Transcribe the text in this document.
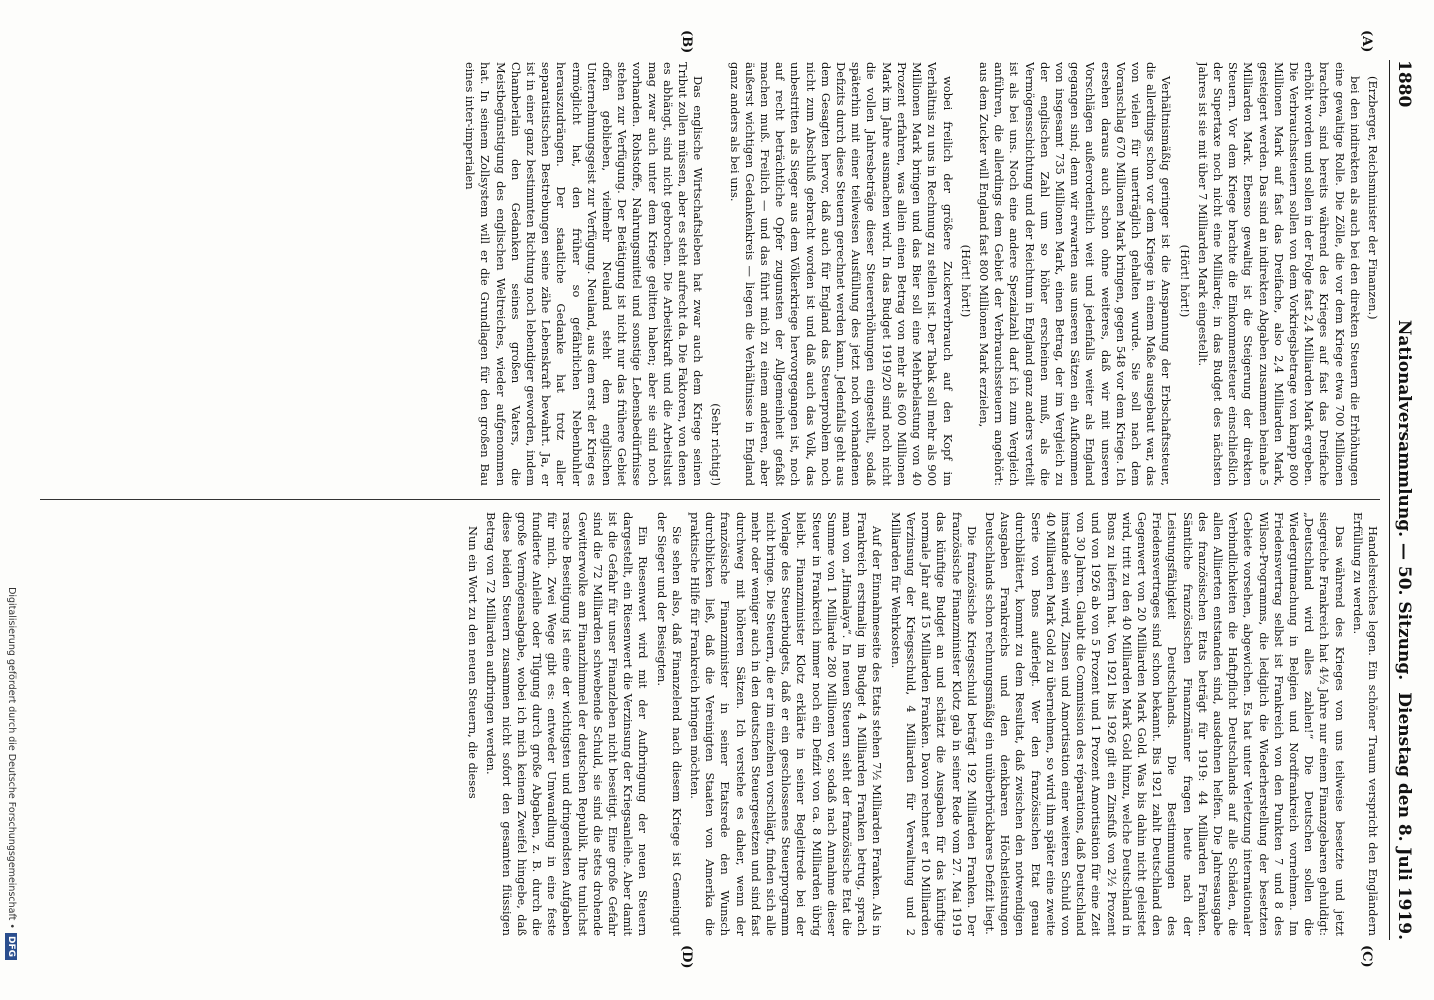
1880
Nationalversammlung. — 50. Sitzung.
Dienstag den 8. Juli 1919.
(A)
(B)
(C)
(D)

(Erzberger, Reichsminister der Finanzen.)

bei den indirekten als auch bei den direkten Steuern die Erhöhungen eine gewaltige Rolle. Die Zölle, die vor dem Kriege etwa 700 Millionen brachten, sind bereits während des Krieges auf fast das Dreifache erhöht worden und sollen in der Folge fast 2,4 Milliarden Mark ergeben. Die Verbrauchssteuern sollen von dem Vorkriegsbetrage von knapp 800 Millionen Mark auf fast das Dreifache, also 2,4 Milliarden Mark, gesteigert werden. Das sind an indirekten Abgaben zusammen beinahe 5 Milliarden Mark. Ebenso gewaltig ist die Steigerung der direkten Steuern. Vor dem Kriege brachte die Einkommensteuer einschließlich der Supertaxe noch nicht eine Milliarde; in das Budget des nächsten Jahres ist sie mit über 7 Milliarden Mark eingestellt.

(Hört! hört!)

Verhältnismäßig geringer ist die Anspannung der Erbschaftssteuer, die allerdings schon vor dem Kriege in einem Maße ausgebaut war, das von vielen für unerträglich gehalten wurde. Sie soll nach dem Voranschlag 670 Millionen Mark bringen, gegen 548 vor dem Kriege. Ich ersehen daraus auch schon ohne weiteres, daß wir mit unseren Vorschlägen außerordentlich weit und jedenfalls weiter als England gegangen sind; denn wir erwarten aus unseren Sätzen ein Aufkommen von insgesamt 735 Millionen Mark, einen Betrag, der im Vergleich zu der englischen Zahl um so höher erscheinen muß, als die Vermögensschichtung und der Reichtum in England ganz anders verteilt ist als bei uns. Noch eine andere Spezialzahl darf ich zum Vergleich anführen, die allerdings dem Gebiet der Verbrauchssteuern angehört: aus dem Zucker will England fast 800 Millionen Mark erzielen,

(Hört! hört!)

wobei freilich der größere Zuckerverbrauch auf den Kopf im Verhältnis zu uns in Rechnung zu stellen ist. Der Tabak soll mehr als 900 Millionen Mark bringen und das Bier soll eine Mehrbelastung von 40 Prozent erfahren, was allein einen Betrag von mehr als 600 Millionen Mark im Jahre ausmachen wird. In das Budget 1919/20 sind noch nicht die vollen Jahresbeträge dieser Steuererhöhungen eingestellt, sodaß späterhin mit einer teilweisen Ausfüllung des jetzt noch vorhandenen Defizits durch diese Steuern gerechnet werden kann. Jedenfalls geht aus dem Gesagten hervor, daß auch für England das Steuerproblem noch nicht zum Abschluß gebracht worden ist und daß auch das Volk, das unbestritten als Sieger aus dem Völkerkriege hervorgegangen ist, noch auf recht beträchtliche Opfer zugunsten der Allgemeinheit gefaßt machen muß. Freilich — und das führt mich zu einem anderen, aber äußerst wichtigen Gedankenkreis — liegen die Verhältnisse in England ganz anders als bei uns.

(Sehr richtig!)

Das englische Wirtschaftsleben hat zwar auch dem Kriege seinen Tribut zollen müssen, aber es steht aufrecht da. Die Faktoren, von denen es abhängt, sind nicht gebrochen. Die Arbeitskraft und die Arbeitslust mag zwar auch unter dem Kriege gelitten haben; aber sie sind noch vorhanden. Rohstoffe, Nahrungsmittel und sonstige Lebensbedürfnisse stehen zur Verfügung. Der Betätigung ist nicht nur das frühere Gebiet offen geblieben, vielmehr Neuland steht dem englischen Unternehmungsgeist zur Verfügung. Neuland, aus dem erst der Krieg es ermöglicht hat, den früher so gefährlichen Nebenbuhler herauszudrängen. Der staatliche Gedanke hat trotz aller separatistischen Bestrebungen seine zähe Lebenskraft bewahrt. Ja, er ist in einer ganz bestimmten Richtung noch lebendiger geworden, indem Chamberlain den Gedanken seines großen Vaters, die Meistbegünstigung des englischen Weltreiches, wieder aufgenommen hat. In seinem Zollsystem will er die Grundlagen für den großen Bau eines inter-imperialen

Handelsreiches legen. Ein schöner Traum verspricht den Engländern Erfüllung zu werden.

Das während des Krieges von uns teilweise besetzte und jetzt siegreiche Frankreich hat 4½ Jahre nur einem Finanzgebaren gehuldigt: „Deutschland wird alles zahlen!“ Die Deutschen sollen die Wiedergutmachung in Belgien und Nordfrankreich vornehmen. Im Friedensvertrag selbst ist Frankreich von den Punkten 7 und 8 des Wilson-Programms, die lediglich die Wiederherstellung der besetzten Gebiete vorsehen, abgewichen. Es hat unter Verletzung internationaler Verbindlichkeiten die Haftpflicht Deutschlands auf alle Schäden, die allen Alliierten entstanden sind, ausdehnen helfen. Die Jahresausgabe des französischen Etats beträgt für 1919: 44 Milliarden Franken. Sämtliche französischen Finanzmänner fragen heute nach der Leistungsfähigkeit Deutschlands. Die Bestimmungen des Friedensvertrages sind schon bekannt. Bis 1921 zahlt Deutschland den Gegenwert von 20 Milliarden Mark Gold. Was bis dahin nicht geleistet wird, tritt zu den 40 Milliarden Mark Gold hinzu, welche Deutschland in Bons zu liefern hat. Von 1921 bis 1926 gilt ein Zinsfuß von 2½ Prozent und von 1926 ab von 5 Prozent und 1 Prozent Amortisation für eine Zeit von 30 Jahren. Glaubt die Commission des réparations, daß Deutschland imstande sein wird, Zinsen und Amortisation einer weiteren Schuld von 40 Milliarden Mark Gold zu übernehmen, so wird ihm später eine zweite Serie von Bons auferlegt. Wer den französischen Etat genau durchblättert, kommt zu dem Resultat, daß zwischen den notwendigen Ausgaben Frankreichs und den denkbaren Höchstleistungen Deutschlands schon rechnungsmäßig ein unüberbrückbares Defizit liegt.

Die französische Kriegsschuld beträgt 192 Milliarden Franken. Der französische Finanzminister Klotz gab in seiner Rede vom 27. Mai 1919 das künftige Budget an und schätzt die Ausgaben für das künftige normale Jahr auf 15 Milliarden Franken. Davon rechnet er 10 Milliarden Verzinsung der Kriegsschuld, 4 Milliarden für Verwaltung und 2 Milliarden für Wehrkosten.

Auf der Einnahmeseite des Etats stehen 7½ Milliarden Franken. Als in Frankreich erstmalig im Budget 4 Milliarden Franken betrug, sprach man von „Himalaya“. In neuen Steuern sieht der französische Etat die Summe von 1 Milliarde 280 Millionen vor, sodaß nach Annahme dieser Steuer in Frankreich immer noch ein Defizit von ca. 8 Milliarden übrig bleibt. Finanzminister Klotz erklärte in seiner Begleitrede bei der Vorlage des Steuerbudgets, daß er ein geschlossenes Steuerprogramm nicht bringe. Die Steuern, die er im einzelnen vorschlägt, finden sich alle mehr oder weniger auch in den deutschen Steuergesetzen und sind fast durchweg mit höheren Sätzen. Ich verstehe es daher, wenn der französische Finanzminister in seiner Etatsrede den Wunsch durchblicken ließ, daß die Vereinigten Staaten von Amerika die praktische Hilfe für Frankreich bringen möchten.

Sie sehen also, daß Finanzelend nach diesem Kriege ist Gemeingut der Sieger und der Besiegten.

Ein Riesenwert wird mit der Aufbringung der neuen Steuern dargestellt, ein Riesenwert die Verzinsung der Kriegsanleihe. Aber damit ist die Gefahr für unser Finanzleben nicht beseitigt. Eine große Gefahr sind die 72 Milliarden schwebende Schuld, sie sind die stets drohende Gewitterwolke am Finanzhimmel der deutschen Republik. Ihre tunlichst rasche Beseitigung ist eine der wichtigsten und dringendsten Aufgaben für mich. Zwei Wege gibt es: entweder Umwandlung in eine feste fundierte Anleihe oder Tilgung durch große Abgaben, z. B. durch die große Vermögensabgabe, wobei ich mich keinem Zweifel hingebe, daß diese beiden Steuern zusammen nicht sofort den gesamten flüssigen Betrag von 72 Milliarden aufbringen werden.

Nun ein Wort zu den neuen Steuern, die dieses

Digitalisierung gefördert durch die Deutsche Forschungsgemeinschaft •DFG
